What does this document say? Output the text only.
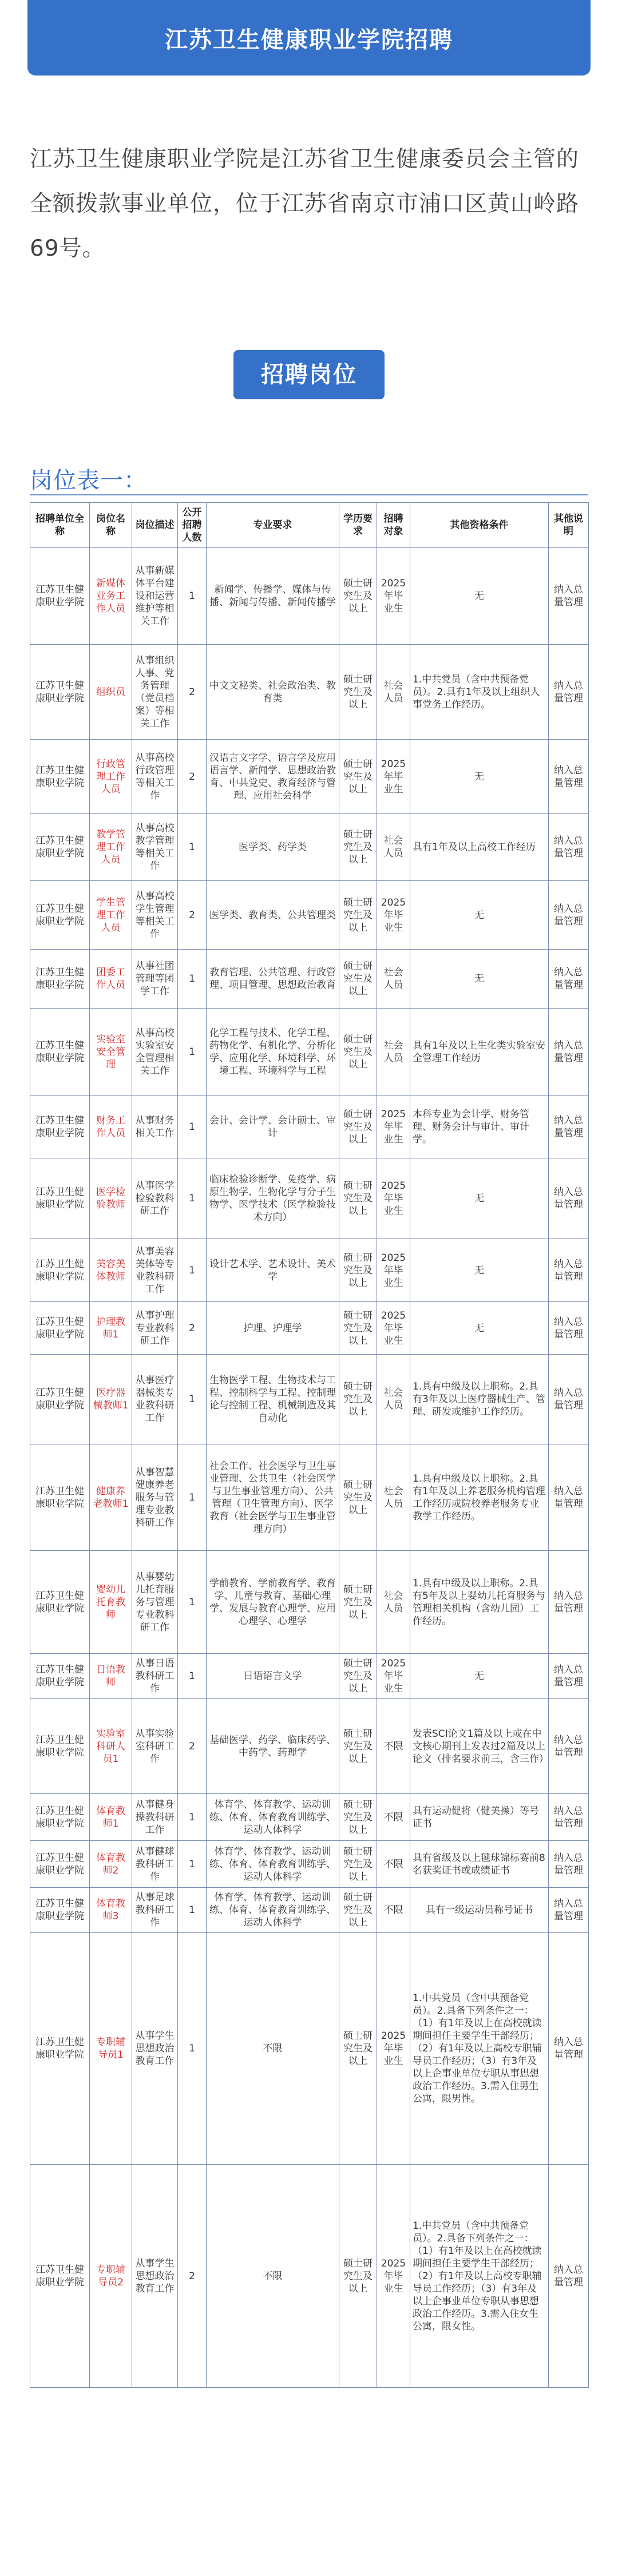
江苏卫生健康职业学院招聘
江苏卫生健康职业学院是江苏省卫生健康委员会主管的全额拨款事业单位，位于江苏省南京市浦口区黄山岭路69号。
招聘岗位
岗位表一：
招聘单位全称	岗位名称	岗位描述	公开招聘人数	专业要求	学历要求	招聘对象	其他资格条件	其他说明
江苏卫生健康职业学院	新媒体业务工作人员	从事新媒体平台建设和运营维护等相关工作	1	新闻学、传播学、媒体与传播、新闻与传播、新闻传播学	硕士研究生及以上	2025年毕业生	无	纳入总量管理
江苏卫生健康职业学院	组织员	从事组织人事、党务管理（党员档案）等相关工作	2	中文文秘类、社会政治类、教育类	硕士研究生及以上	社会人员	1.中共党员（含中共预备党员）。2.具有1年及以上组织人事党务工作经历。	纳入总量管理
江苏卫生健康职业学院	行政管理工作人员	从事高校行政管理等相关工作	2	汉语言文字学、语言学及应用语言学、新闻学、思想政治教育、中共党史、教育经济与管理、应用社会科学	硕士研究生及以上	2025年毕业生	无	纳入总量管理
江苏卫生健康职业学院	教学管理工作人员	从事高校教学管理等相关工作	1	医学类、药学类	硕士研究生及以上	社会人员	具有1年及以上高校工作经历	纳入总量管理
江苏卫生健康职业学院	学生管理工作人员	从事高校学生管理等相关工作	2	医学类、教育类、公共管理类	硕士研究生及以上	2025年毕业生	无	纳入总量管理
江苏卫生健康职业学院	团委工作人员	从事社团管理等团学工作	1	教育管理、公共管理、行政管理、项目管理、思想政治教育	硕士研究生及以上	社会人员	无	纳入总量管理
江苏卫生健康职业学院	实验室安全管理	从事高校实验室安全管理相关工作	1	化学工程与技术、化学工程、药物化学、有机化学、分析化学、应用化学、环境科学、环境工程、环境科学与工程	硕士研究生及以上	社会人员	具有1年及以上生化类实验室安全管理工作经历	纳入总量管理
江苏卫生健康职业学院	财务工作人员	从事财务相关工作	1	会计、会计学、会计硕士、审计	硕士研究生及以上	2025年毕业生	本科专业为会计学、财务管理、财务会计与审计、审计学。	纳入总量管理
江苏卫生健康职业学院	医学检验教师	从事医学检验教科研工作	1	临床检验诊断学、免疫学、病原生物学、生物化学与分子生物学、医学技术（医学检验技术方向）	硕士研究生及以上	2025年毕业生	无	纳入总量管理
江苏卫生健康职业学院	美容美体教师	从事美容美体等专业教科研工作	1	设计艺术学、艺术设计、美术学	硕士研究生及以上	2025年毕业生	无	纳入总量管理
江苏卫生健康职业学院	护理教师1	从事护理专业教科研工作	2	护理、护理学	硕士研究生及以上	2025年毕业生	无	纳入总量管理
江苏卫生健康职业学院	医疗器械教师1	从事医疗器械类专业教科研工作	1	生物医学工程、生物技术与工程、控制科学与工程、控制理论与控制工程、机械制造及其自动化	硕士研究生及以上	社会人员	1.具有中级及以上职称。2.具有3年及以上医疗器械生产、管理、研发或维护工作经历。	纳入总量管理
江苏卫生健康职业学院	健康养老教师1	从事智慧健康养老服务与管理专业教科研工作	1	社会工作、社会医学与卫生事业管理、公共卫生（社会医学与卫生事业管理方向）、公共管理（卫生管理方向）、医学教育（社会医学与卫生事业管理方向）	硕士研究生及以上	社会人员	1.具有中级及以上职称。2.具有1年及以上养老服务机构管理工作经历或院校养老服务专业教学工作经历。	纳入总量管理
江苏卫生健康职业学院	婴幼儿托育教师	从事婴幼儿托育服务与管理专业教科研工作	1	学前教育、学前教育学、教育学、儿童与教育、基础心理学、发展与教育心理学、应用心理学、心理学	硕士研究生及以上	社会人员	1.具有中级及以上职称。2.具有5年及以上婴幼儿托育服务与管理相关机构（含幼儿园）工作经历。	纳入总量管理
江苏卫生健康职业学院	日语教师	从事日语教科研工作	1	日语语言文学	硕士研究生及以上	2025年毕业生	无	纳入总量管理
江苏卫生健康职业学院	实验室科研人员1	从事实验室科研工作	2	基础医学、药学、临床药学、中药学、药理学	硕士研究生及以上	不限	发表SCI论文1篇及以上或在中文核心期刊上发表过2篇及以上论文（排名要求前三，含三作）	纳入总量管理
江苏卫生健康职业学院	体育教师1	从事健身操教科研工作	1	体育学、体育教学、运动训练、体育、体育教育训练学、运动人体科学	硕士研究生及以上	不限	具有运动健将（健美操）等号证书	纳入总量管理
江苏卫生健康职业学院	体育教师2	从事健球教科研工作	1	体育学、体育教学、运动训练、体育、体育教育训练学、运动人体科学	硕士研究生及以上	不限	具有省级及以上毽球锦标赛前8名获奖证书或成绩证书	纳入总量管理
江苏卫生健康职业学院	体育教师3	从事足球教科研工作	1	体育学、体育教学、运动训练、体育、体育教育训练学、运动人体科学	硕士研究生及以上	不限	具有一级运动员称号证书	纳入总量管理
江苏卫生健康职业学院	专职辅导员1	从事学生思想政治教育工作	1	不限	硕士研究生及以上	2025年毕业生	1.中共党员（含中共预备党员）。2.具备下列条件之一：（1）有1年及以上在高校就读期间担任主要学生干部经历；（2）有1年及以上高校专职辅导员工作经历；（3）有3年及以上企事业单位专职从事思想政治工作经历。3.需入住男生公寓，限男性。	纳入总量管理
江苏卫生健康职业学院	专职辅导员2	从事学生思想政治教育工作	2	不限	硕士研究生及以上	2025年毕业生	1.中共党员（含中共预备党员）。2.具备下列条件之一：（1）有1年及以上在高校就读期间担任主要学生干部经历；（2）有1年及以上高校专职辅导员工作经历；（3）有3年及以上企事业单位专职从事思想政治工作经历。3.需入住女生公寓，限女性。	纳入总量管理
